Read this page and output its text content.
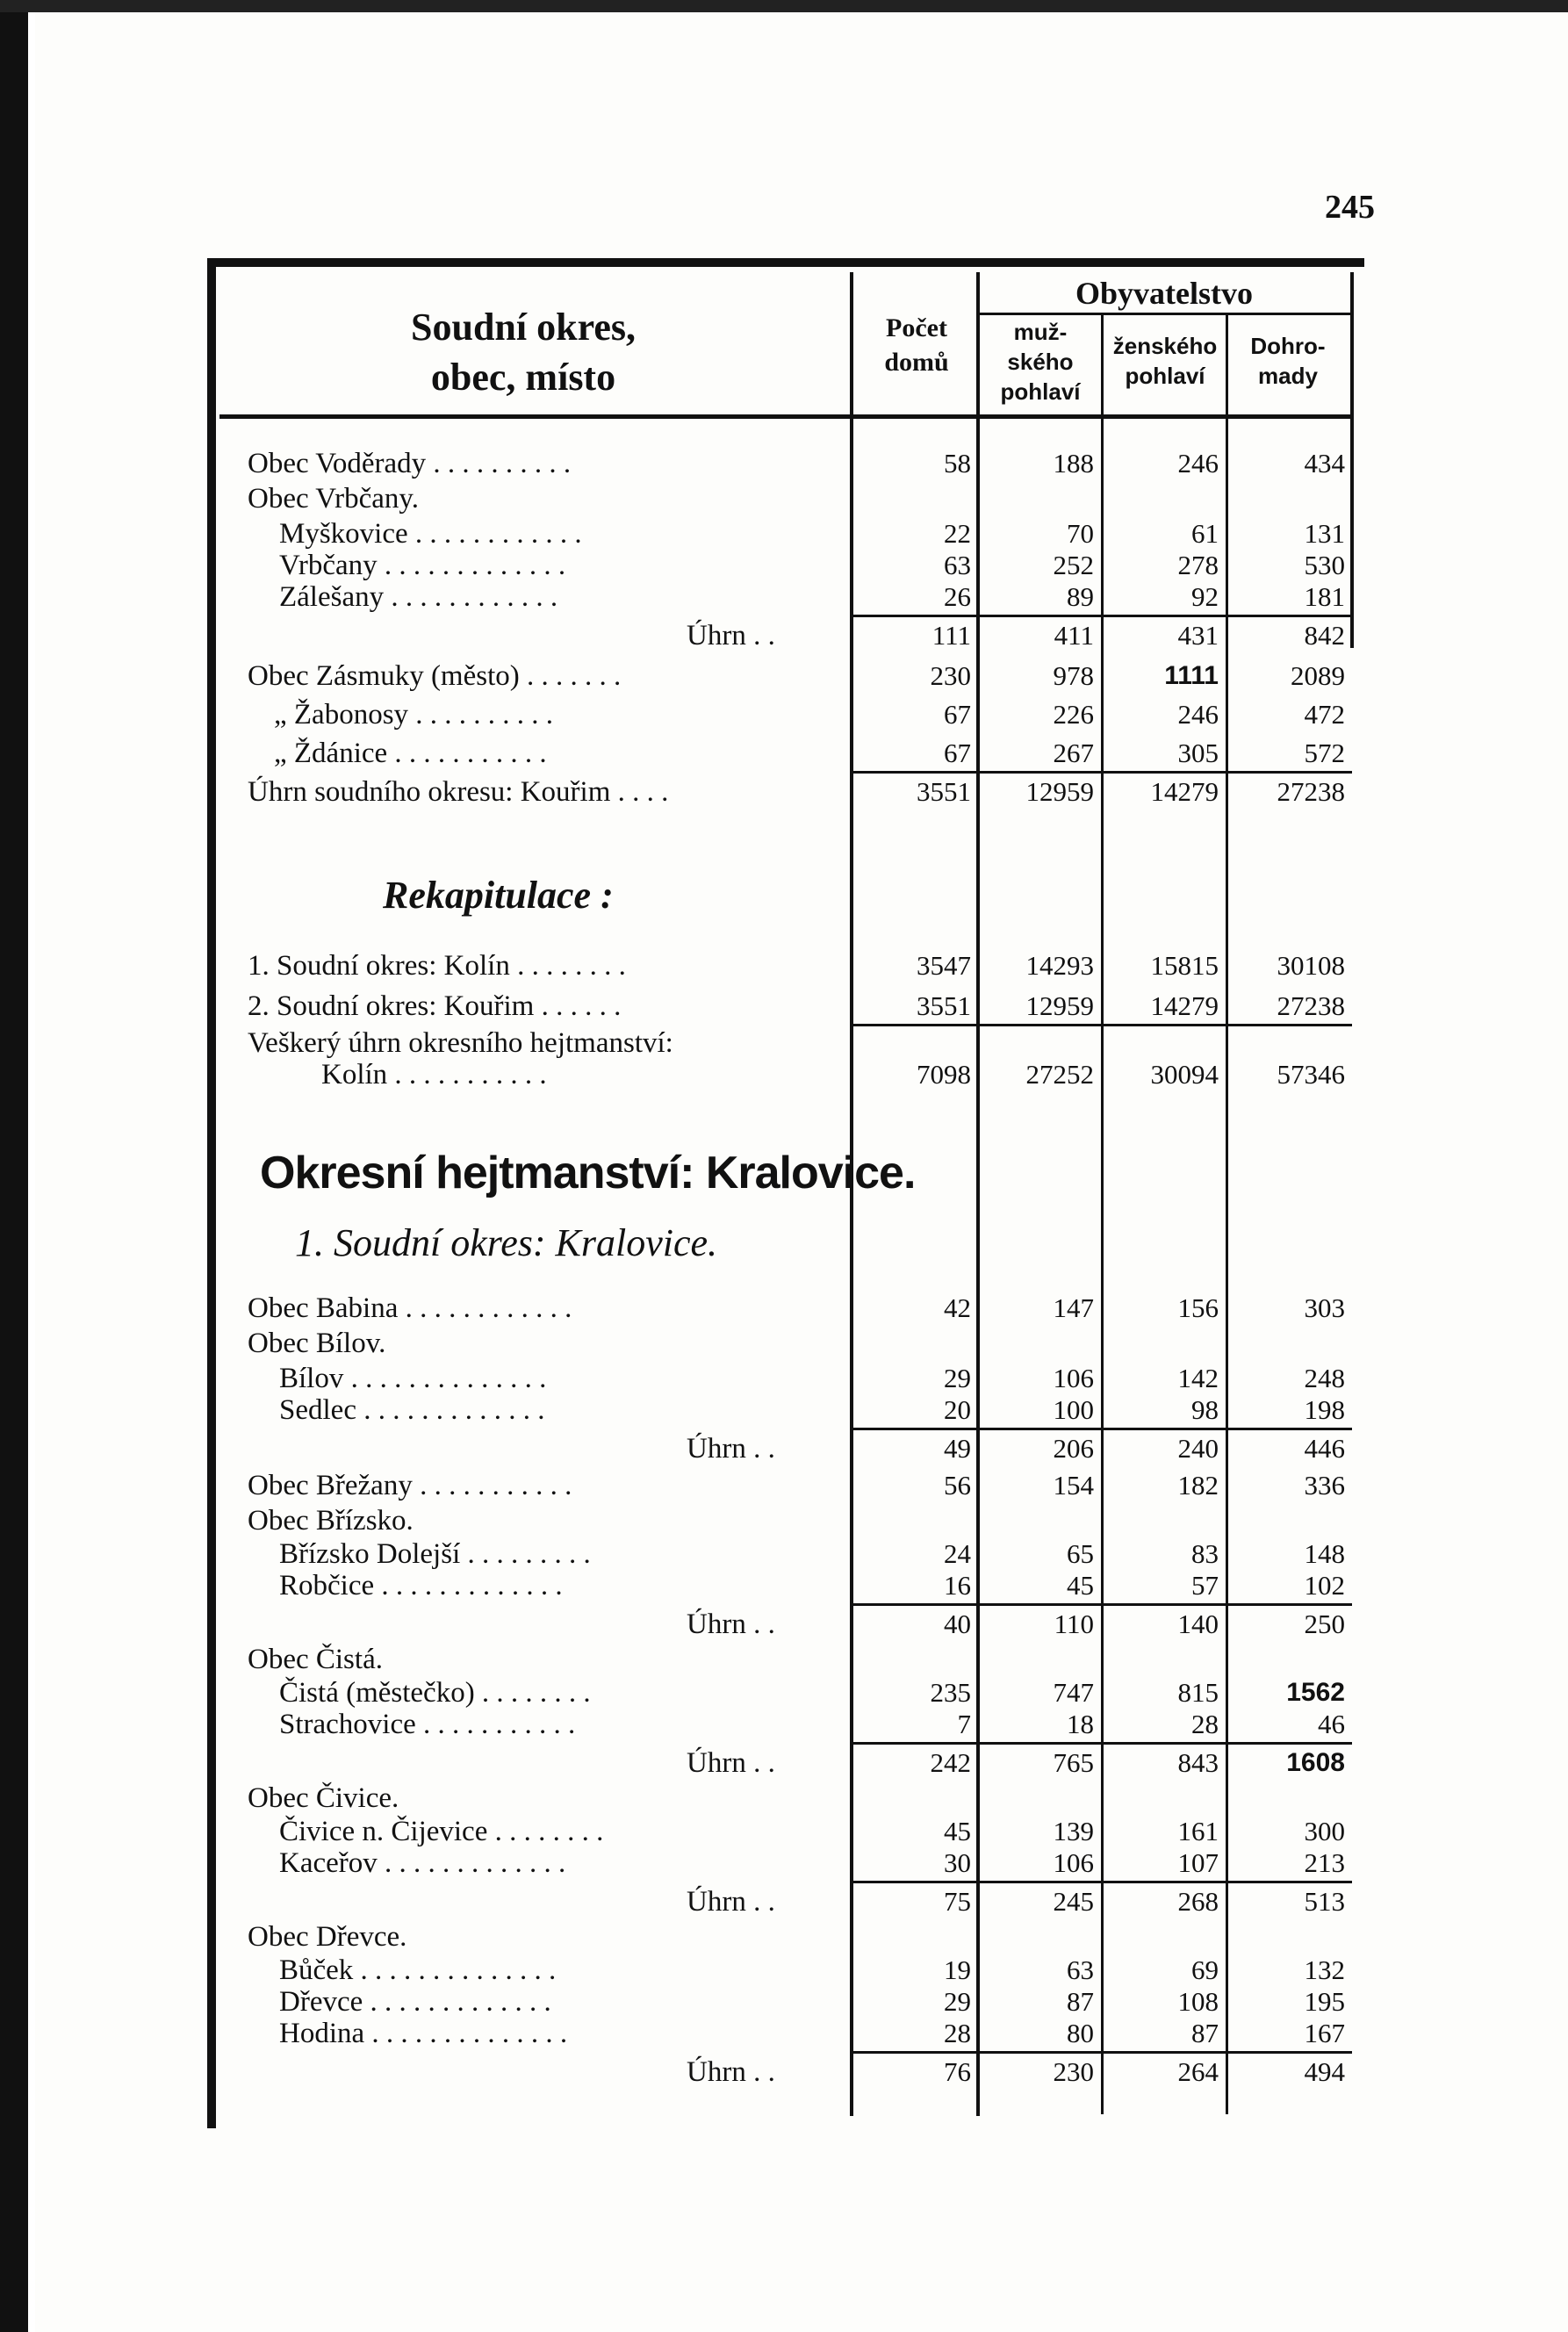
245
Soudní okres,
obec, místo
Počet
domů
Obyvatelstvo
muž-
ského
pohlaví
ženského
pohlaví
Dohro-
mady
Obec Voděrady . . . . . . . . . .	58	188	246	434
Obec Vrbčany.
Myškovice . . . . . . . . . . . .	22	70	61	131
Vrbčany . . . . . . . . . . . . .	63	252	278	530
Zálešany . . . . . . . . . . . .	26	89	92	181
Úhrn . .	111	411	431	842
Obec Zásmuky (město) . . . . . . .	230	978	1111	2089
„ Žabonosy . . . . . . . . . .	67	226	246	472
„ Ždánice . . . . . . . . . . .	67	267	305	572
Úhrn soudního okresu: Kouřim . . . .	3551	12959	14279	27238
Rekapitulace :
1. Soudní okres: Kolín . . . . . . . .	3547	14293	15815	30108
2. Soudní okres: Kouřim . . . . . .	3551	12959	14279	27238
Veškerý úhrn okresního hejtmanství:
Kolín . . . . . . . . . . .	7098	27252	30094	57346
Okresní hejtmanství: Kralovice.
1. Soudní okres: Kralovice.
Obec Babina . . . . . . . . . . . .	42	147	156	303
Obec Bílov.
Bílov . . . . . . . . . . . . . .	29	106	142	248
Sedlec . . . . . . . . . . . . .	20	100	98	198
Úhrn . .	49	206	240	446
Obec Břežany . . . . . . . . . . .	56	154	182	336
Obec Břízsko.
Břízsko Dolejší . . . . . . . . .	24	65	83	148
Robčice . . . . . . . . . . . . .	16	45	57	102
Úhrn . .	40	110	140	250
Obec Čistá.
Čistá (městečko) . . . . . . . .	235	747	815	1562
Strachovice . . . . . . . . . . .	7	18	28	46
Úhrn . .	242	765	843	1608
Obec Čivice.
Čivice n. Čijevice . . . . . . . .	45	139	161	300
Kaceřov . . . . . . . . . . . . .	30	106	107	213
Úhrn . .	75	245	268	513
Obec Dřevce.
Bůček . . . . . . . . . . . . . .	19	63	69	132
Dřevce . . . . . . . . . . . . .	29	87	108	195
Hodina . . . . . . . . . . . . . .	28	80	87	167
Úhrn . .	76	230	264	494
